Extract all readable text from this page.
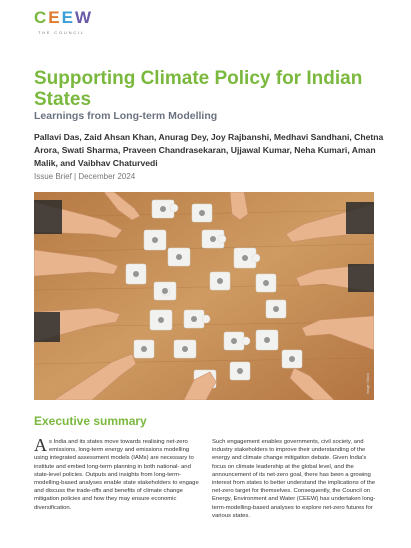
CEEW
THE COUNCIL
Supporting Climate Policy for Indian States
Learnings from Long-term Modelling
Pallavi Das, Zaid Ahsan Khan, Anurag Dey, Joy Rajbanshi, Medhavi Sandhani, Chetna Arora, Swati Sharma, Praveen Chandrasekaran, Ujjawal Kumar, Neha Kumari, Aman Malik, and Vaibhav Chaturvedi
Issue Brief | December 2024
Image: iStock
Executive summary
As India and its states move towards realising net-zero emissions, long-term energy and emissions modelling using integrated assessment models (IAMs) are necessary to institute and embed long-term planning in both national- and state-level policies. Outputs and insights from long-term-modelling-based analyses enable state stakeholders to engage and discuss the trade-offs and benefits of climate change mitigation policies and how they may ensure economic diversification.
Such engagement enables governments, civil society, and industry stakeholders to improve their understanding of the energy and climate change mitigation debate. Given India's focus on climate leadership at the global level, and the announcement of its net-zero goal, there has been a growing interest from states to better understand the implications of the net-zero target for themselves. Consequently, the Council on Energy, Environment and Water (CEEW) has undertaken long-term-modelling-based analyses to explore net-zero futures for various states.
